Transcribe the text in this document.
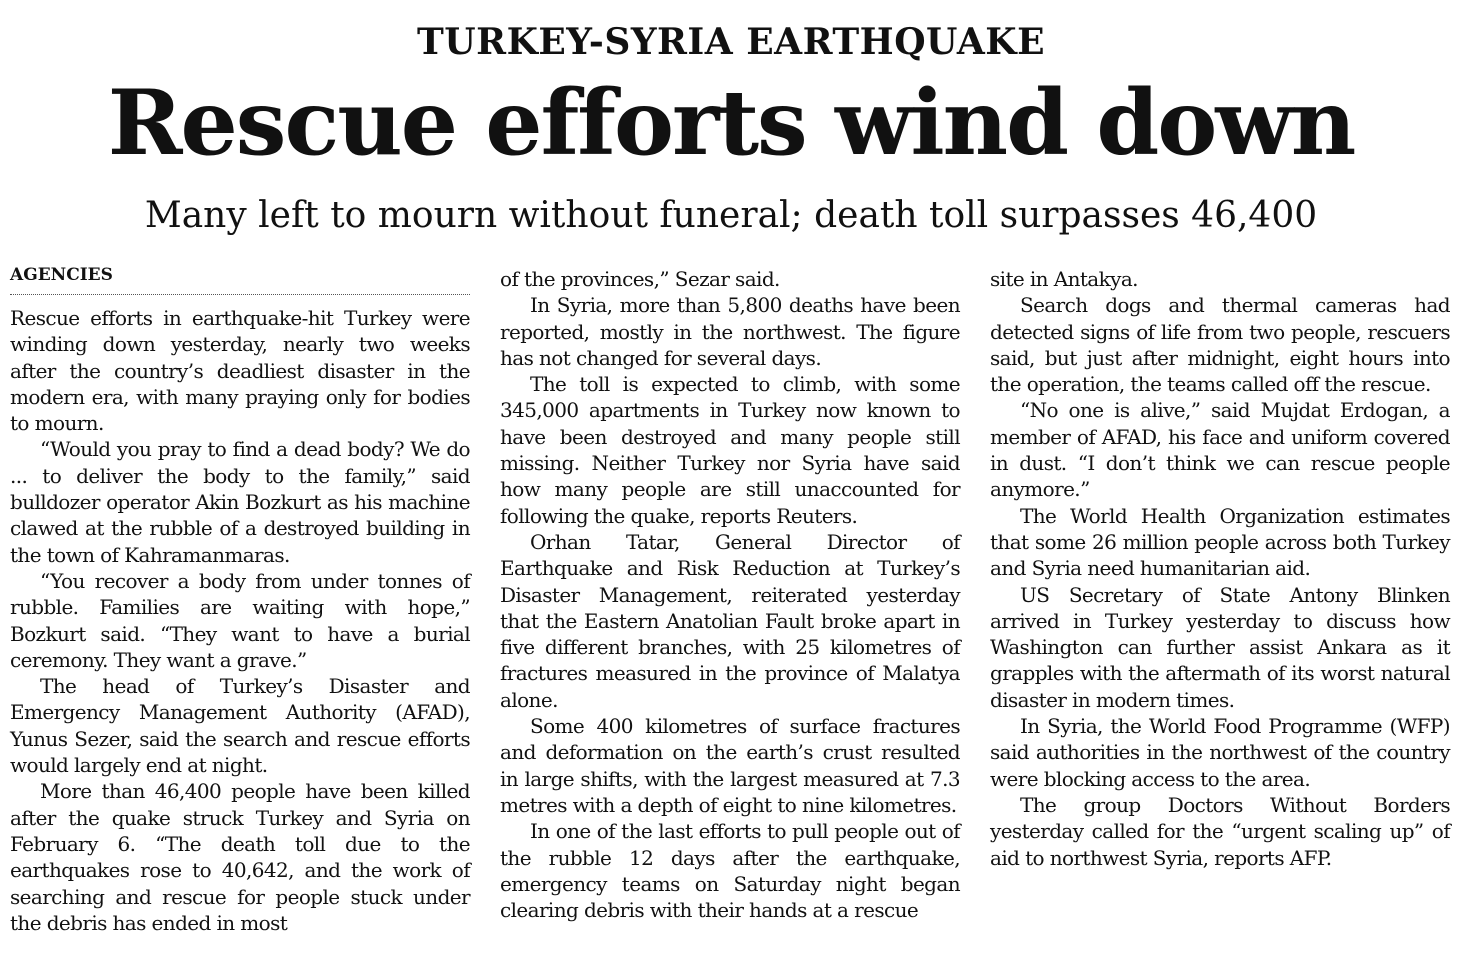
TURKEY-SYRIA EARTHQUAKE
Rescue efforts wind down
Many left to mourn without funeral; death toll surpasses 46,400
AGENCIES

Rescue efforts in earthquake-hit Turkey were winding down yesterday, nearly two weeks after the country’s deadliest disaster in the modern era, with many praying only for bodies to mourn.

“Would you pray to find a dead body? We do ... to deliver the body to the family,” said bulldozer operator Akin Bozkurt as his machine clawed at the rubble of a destroyed building in the town of Kahramanmaras.

“You recover a body from under tonnes of rubble. Families are waiting with hope,” Bozkurt said. “They want to have a burial ceremony. They want a grave.”

The head of Turkey’s Disaster and Emergency Management Authority (AFAD), Yunus Sezer, said the search and rescue efforts would largely end at night.

More than 46,400 people have been killed after the quake struck Turkey and Syria on February 6. “The death toll due to the earthquakes rose to 40,642, and the work of searching and rescue for people stuck under the debris has ended in most

of the provinces,” Sezar said.

In Syria, more than 5,800 deaths have been reported, mostly in the northwest. The figure has not changed for several days.

The toll is expected to climb, with some 345,000 apartments in Turkey now known to have been destroyed and many people still missing. Neither Turkey nor Syria have said how many people are still unaccounted for following the quake, reports Reuters.

Orhan Tatar, General Director of Earthquake and Risk Reduction at Turkey’s Disaster Management, reiterated yesterday that the Eastern Anatolian Fault broke apart in five different branches, with 25 kilometres of fractures measured in the province of Malatya alone.

Some 400 kilometres of surface fractures and deformation on the earth’s crust resulted in large shifts, with the largest measured at 7.3 metres with a depth of eight to nine kilometres.

In one of the last efforts to pull people out of the rubble 12 days after the earthquake, emergency teams on Saturday night began clearing debris with their hands at a rescue

site in Antakya.

Search dogs and thermal cameras had detected signs of life from two people, rescuers said, but just after midnight, eight hours into the operation, the teams called off the rescue.

“No one is alive,” said Mujdat Erdogan, a member of AFAD, his face and uniform covered in dust. “I don’t think we can rescue people anymore.”

The World Health Organization estimates that some 26 million people across both Turkey and Syria need humanitarian aid.

US Secretary of State Antony Blinken arrived in Turkey yesterday to discuss how Washington can further assist Ankara as it grapples with the aftermath of its worst natural disaster in modern times.

In Syria, the World Food Programme (WFP) said authorities in the northwest of the country were blocking access to the area.

The group Doctors Without Borders yesterday called for the “urgent scaling up” of aid to northwest Syria, reports AFP.
